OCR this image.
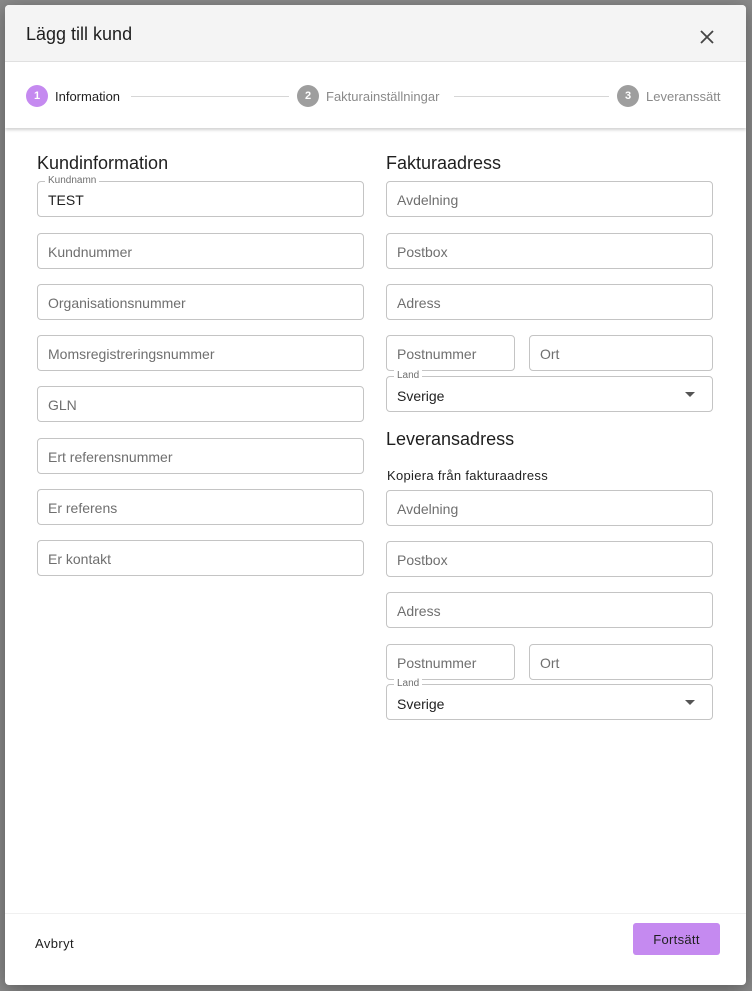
Lägg till kund
1	Information	2	Fakturainställningar	3	Leveranssätt
Kundinformation
Kundnamn
TEST
Kundnummer
Organisationsnummer
Momsregistreringsnummer
GLN
Ert referensnummer
Er referens
Er kontakt
Fakturaadress
Avdelning
Postbox
Adress
Postnummer	Ort
Land
Sverige
Leveransadress
Kopiera från fakturaadress
Avdelning
Postbox
Adress
Postnummer	Ort
Land
Sverige
Avbryt	Fortsätt
